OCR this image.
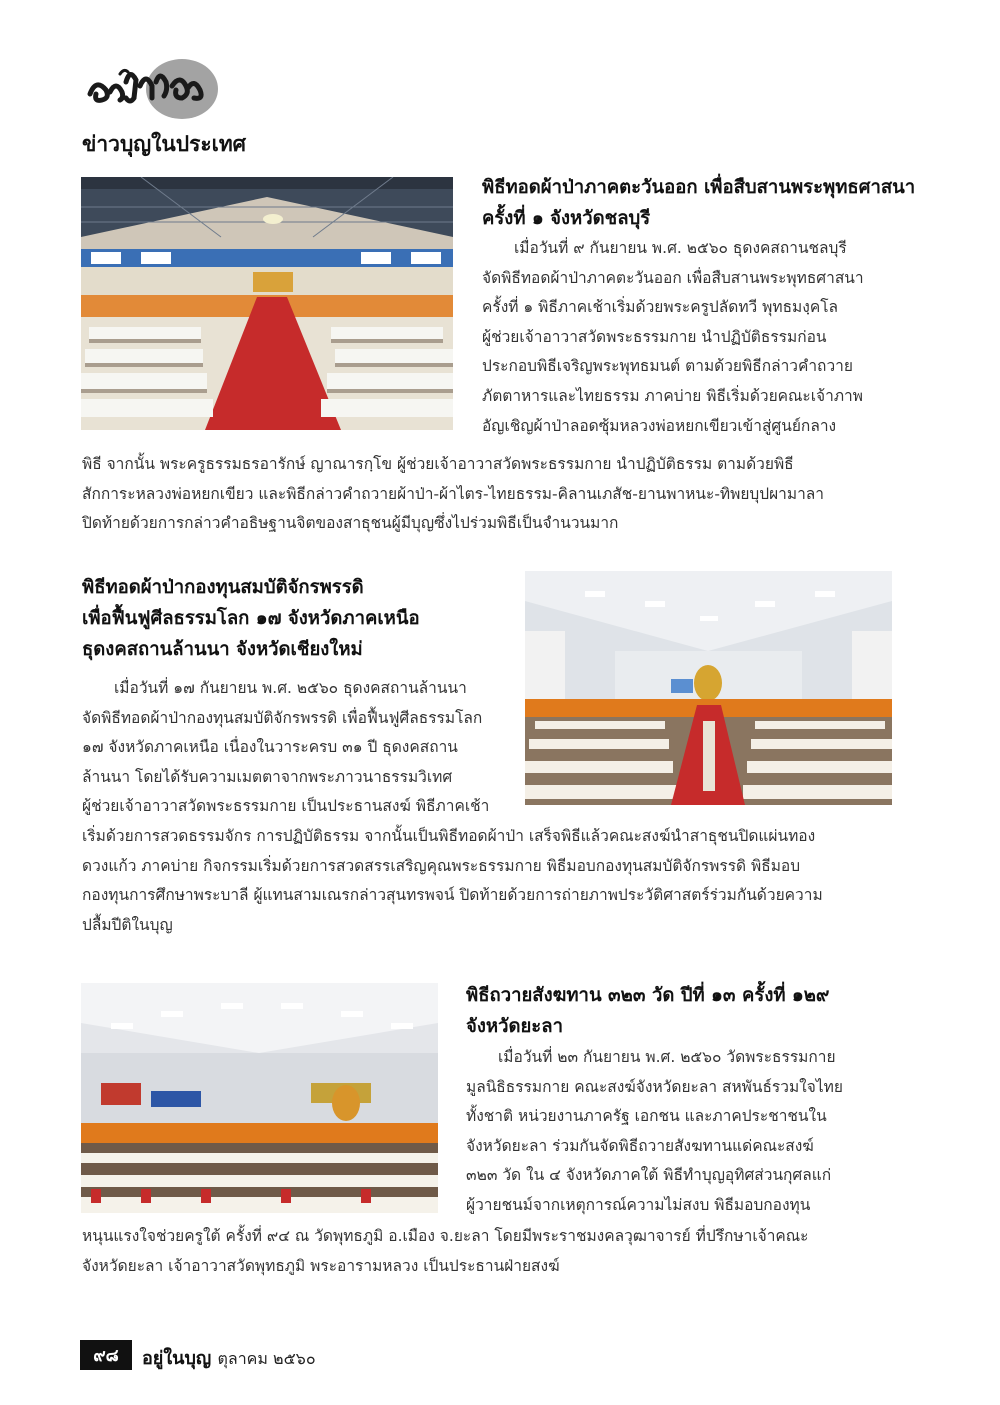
ข่าวบุญในประเทศ
พิธีทอดผ้าป่าภาคตะวันออก เพื่อสืบสานพระพุทธศาสนา
ครั้งที่ ๑ จังหวัดชลบุรี
เมื่อวันที่ ๙ กันยายน พ.ศ. ๒๕๖๐ ธุดงคสถานชลบุรี
จัดพิธีทอดผ้าป่าภาคตะวันออก เพื่อสืบสานพระพุทธศาสนา
ครั้งที่ ๑ พิธีภาคเช้าเริ่มด้วยพระครูปลัดทวี พุทธมงฺคโล
ผู้ช่วยเจ้าอาวาสวัดพระธรรมกาย นำปฏิบัติธรรมก่อน
ประกอบพิธีเจริญพระพุทธมนต์ ตามด้วยพิธีกล่าวคำถวาย
ภัตตาหารและไทยธรรม ภาคบ่าย พิธีเริ่มด้วยคณะเจ้าภาพ
อัญเชิญผ้าป่าลอดซุ้มหลวงพ่อหยกเขียวเข้าสู่ศูนย์กลาง
พิธี จากนั้น พระครูธรรมธรอารักษ์ ญาณารกฺโข ผู้ช่วยเจ้าอาวาสวัดพระธรรมกาย นำปฏิบัติธรรม ตามด้วยพิธี
สักการะหลวงพ่อหยกเขียว และพิธีกล่าวคำถวายผ้าป่า-ผ้าไตร-ไทยธรรม-คิลานเภสัช-ยานพาหนะ-ทิพยบุปผามาลา
ปิดท้ายด้วยการกล่าวคำอธิษฐานจิตของสาธุชนผู้มีบุญซึ่งไปร่วมพิธีเป็นจำนวนมาก
พิธีทอดผ้าป่ากองทุนสมบัติจักรพรรดิ
เพื่อฟื้นฟูศีลธรรมโลก ๑๗ จังหวัดภาคเหนือ
ธุดงคสถานล้านนา จังหวัดเชียงใหม่
เมื่อวันที่ ๑๗ กันยายน พ.ศ. ๒๕๖๐ ธุดงคสถานล้านนา
จัดพิธีทอดผ้าป่ากองทุนสมบัติจักรพรรดิ เพื่อฟื้นฟูศีลธรรมโลก
๑๗ จังหวัดภาคเหนือ เนื่องในวาระครบ ๓๑ ปี ธุดงคสถาน
ล้านนา โดยได้รับความเมตตาจากพระภาวนาธรรมวิเทศ
ผู้ช่วยเจ้าอาวาสวัดพระธรรมกาย เป็นประธานสงฆ์ พิธีภาคเช้า
เริ่มด้วยการสวดธรรมจักร การปฏิบัติธรรม จากนั้นเป็นพิธีทอดผ้าป่า เสร็จพิธีแล้วคณะสงฆ์นำสาธุชนปิดแผ่นทอง
ดวงแก้ว ภาคบ่าย กิจกรรมเริ่มด้วยการสวดสรรเสริญคุณพระธรรมกาย พิธีมอบกองทุนสมบัติจักรพรรดิ พิธีมอบ
กองทุนการศึกษาพระบาลี ผู้แทนสามเณรกล่าวสุนทรพจน์ ปิดท้ายด้วยการถ่ายภาพประวัติศาสตร์ร่วมกันด้วยความ
ปลื้มปีติในบุญ
พิธีถวายสังฆทาน ๓๒๓ วัด ปีที่ ๑๓ ครั้งที่ ๑๒๙
จังหวัดยะลา
เมื่อวันที่ ๒๓ กันยายน พ.ศ. ๒๕๖๐ วัดพระธรรมกาย
มูลนิธิธรรมกาย คณะสงฆ์จังหวัดยะลา สหพันธ์รวมใจไทย
ทั้งชาติ หน่วยงานภาครัฐ เอกชน และภาคประชาชนใน
จังหวัดยะลา ร่วมกันจัดพิธีถวายสังฆทานแด่คณะสงฆ์
๓๒๓ วัด ใน ๔ จังหวัดภาคใต้ พิธีทำบุญอุทิศส่วนกุศลแก่
ผู้วายชนม์จากเหตุการณ์ความไม่สงบ พิธีมอบกองทุน
หนุนแรงใจช่วยครูใต้ ครั้งที่ ๙๔ ณ วัดพุทธภูมิ อ.เมือง จ.ยะลา โดยมีพระราชมงคลวุฒาจารย์ ที่ปรึกษาเจ้าคณะ
จังหวัดยะลา เจ้าอาวาสวัดพุทธภูมิ พระอารามหลวง เป็นประธานฝ่ายสงฆ์
๙๘	อยู่ในบุญ ตุลาคม ๒๕๖๐
